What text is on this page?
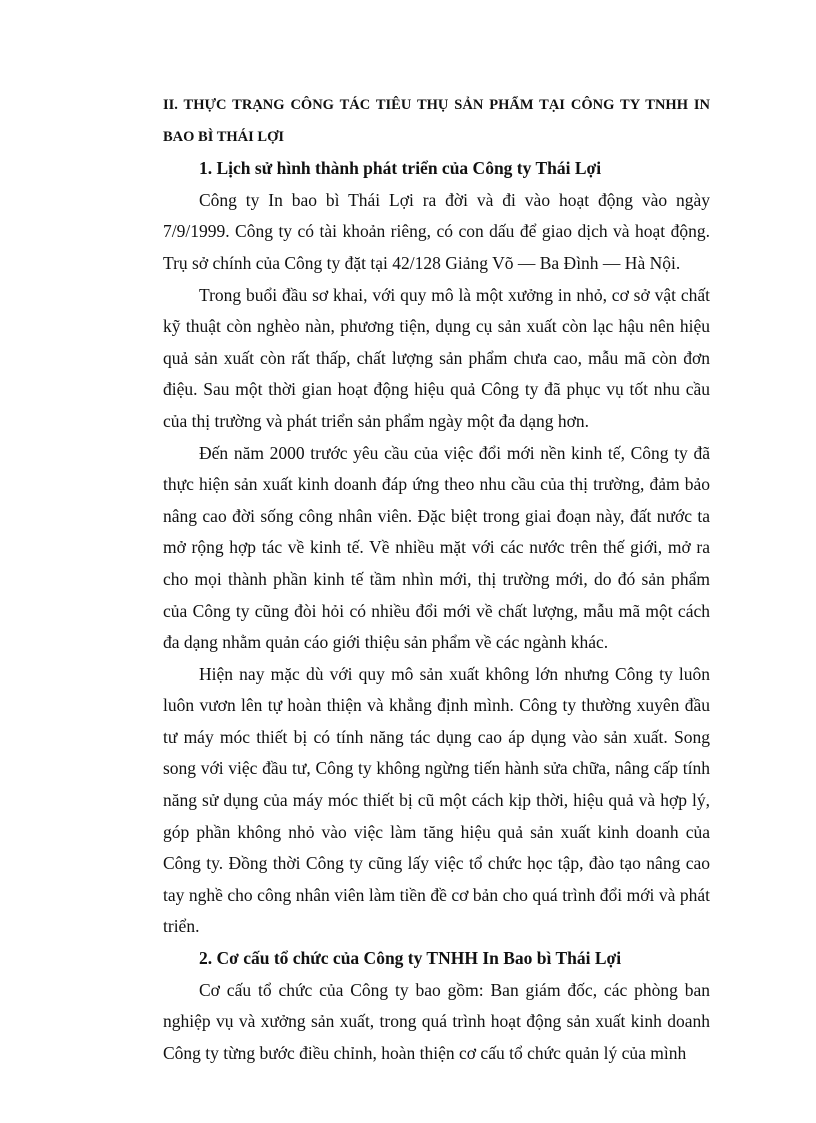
II. THỰC TRẠNG CÔNG TÁC TIÊU THỤ SẢN PHẨM TẠI CÔNG TY TNHH IN
BAO BÌ THÁI LỢI
1. Lịch sử hình thành phát triển của Công ty Thái Lợi

Công ty In bao bì Thái Lợi ra đời và đi vào hoạt động vào ngày 7/9/1999. Công ty có tài khoản riêng, có con dấu để giao dịch và hoạt động. Trụ sở chính của Công ty đặt tại 42/128 Giảng Võ — Ba Đình — Hà Nội.

Trong buổi đầu sơ khai, với quy mô là một xưởng in nhỏ, cơ sở vật chất kỹ thuật còn nghèo nàn, phương tiện, dụng cụ sản xuất còn lạc hậu nên hiệu quả sản xuất còn rất thấp, chất lượng sản phẩm chưa cao, mẫu mã còn đơn điệu. Sau một thời gian hoạt động hiệu quả Công ty đã phục vụ tốt nhu cầu của thị trường và phát triển sản phẩm ngày một đa dạng hơn.

Đến năm 2000 trước yêu cầu của việc đổi mới nền kinh tế, Công ty đã thực hiện sản xuất kinh doanh đáp ứng theo nhu cầu của thị trường, đảm bảo nâng cao đời sống công nhân viên. Đặc biệt trong giai đoạn này, đất nước ta mở rộng hợp tác về kinh tế. Về nhiều mặt với các nước trên thế giới, mở ra cho mọi thành phần kinh tế tầm nhìn mới, thị trường mới, do đó sản phẩm của Công ty cũng đòi hỏi có nhiều đổi mới về chất lượng, mẫu mã một cách đa dạng nhằm quản cáo giới thiệu sản phẩm về các ngành khác.

Hiện nay mặc dù với quy mô sản xuất không lớn nhưng Công ty luôn luôn vươn lên tự hoàn thiện và khẳng định mình. Công ty thường xuyên đầu tư máy móc thiết bị có tính năng tác dụng cao áp dụng vào sản xuất. Song song với việc đầu tư, Công ty không ngừng tiến hành sửa chữa, nâng cấp tính năng sử dụng của máy móc thiết bị cũ một cách kịp thời, hiệu quả và hợp lý, góp phần không nhỏ vào việc làm tăng hiệu quả sản xuất kinh doanh của Công ty. Đồng thời Công ty cũng lấy việc tổ chức học tập, đào tạo nâng cao tay nghề cho công nhân viên làm tiền đề cơ bản cho quá trình đổi mới và phát triển.

2. Cơ cấu tổ chức của Công ty TNHH In Bao bì Thái Lợi

Cơ cấu tổ chức của Công ty bao gồm: Ban giám đốc, các phòng ban nghiệp vụ và xưởng sản xuất, trong quá trình hoạt động sản xuất kinh doanh Công ty từng bước điều chỉnh, hoàn thiện cơ cấu tổ chức quản lý của mình
